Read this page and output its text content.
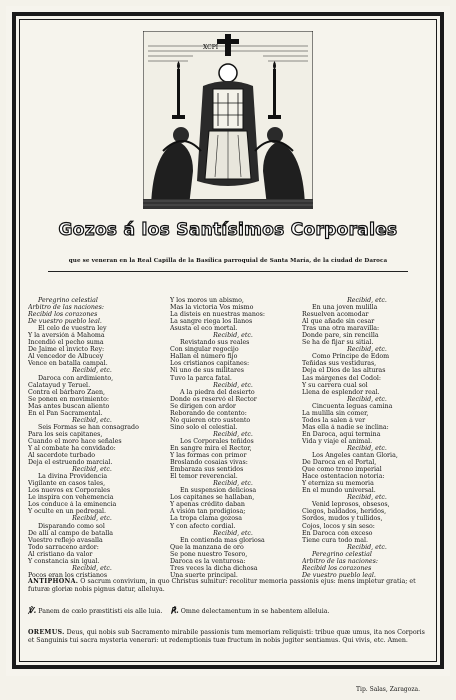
XCPI
Gozos á los Santísimos Corporales
que se veneran en la Real Capilla de la Basílica parroquial de Santa María, de la ciudad de Daroca
Peregrino celestial
Arbitro de las naciones:
Recibid los corazones
De vuestro pueblo leal.
El celo de vuestra ley
Y la aversión á Mahoma
Incendió el pecho suma
De Jaime el invicto Rey:
Al vencedor de Albucey
Vence en batalla campal.
Recibid, etc.
Daroca con ardimiento,
Calatayud y Teruel.
Contra el bárbaro Zaen,
Se ponen en movimiento:
Mas antes buscan aliento
En el Pan Sacramental.
Recibid, etc.
Seis Formas se han consagrado
Para los seis capitanes,
Cuando el moro hace señales
Y al combate ha convidado:
Al sacerdote turbado
Deja el estruendo marcial.
Recibid, etc.
La divina Providencia
Vigilante en casos tales,
Los nuevos ex Corporales
Le inspira con vehemencia
Los conduce á la eminencia
Y oculte en un pedregal.
Recibid, etc.
Disparando como sol
De allí al campo de batalla
Vuestro reflejo avasalla
Todo sarraceno ardor:
Al cristiano da valor
Y constancia sin igual.
Recibid, etc.
Pocos eran los cristianos
Y los moros un abismo,
Mas la victoria Vos mismo
La disteis en nuestras manos:
La sangre riega los llanos
Asusta el eco mortal.
Recibid, etc.
Revistando sus reales
Con singular regocijo
Hallan el número fijo
Los cristianos capitanes:
Ni uno de sus militares
Tuvo la parca fatal.
Recibid, etc.
A la piedra del desierto
Donde os reservó el Rector
Se dirigen con ardor
Reborando de contento:
No quieren otro sustento
Sino solo el celestial.
Recibid, etc.
Los Corporales teñidos
En sangre mira el Rector,
Y las formas con primor
Broslando cosaias vivas:
Embaraza sus sentidos
El temor reverencial.
Recibid, etc.
En suspension deliciosa
Los capitanes se hallaban,
Y apenas crédito daban
A visión tan prodigiosa;
La tropa clama gozosa
Y con afecto cordial.
Recibid, etc.
En contienda mas gloriosa
Que la manzana de oro
Se pone nuestro Tesoro,
Daroca es la venturosa:
Tres veces la dicha dichosa
Una suerte principal.
Recibid, etc.
En una joven mulilla
Resuelven acomodar
Al que añade sin cesar
Tras una otra maravilla:
Donde pare, sin rencilla
Se ha de fijar su sitial.
Recibid, etc.
Como Príncipe de Edom
Teñidas sus vestiduras,
Deja el Dios de las alturas
Las márgenes del Codol:
Y su carrera cual sol
Llena de esplendor real.
Recibid, etc.
Cincuenta leguas camina
La mulilla sin comer,
Todos la salen á ver
Mas ella á nadie se inclina:
En Daroca, aquí termina
Vida y viaje el animal.
Recibid, etc.
Los Angeles cantan Gloria,
De Daroca en el Portal,
Que como trono imperial
Hace ostentacion notoria:
Y eterniza su memoria
En el mundo universal.
Recibid, etc.
Venid leprosos, obsesos,
Ciegos, baldados, heridos,
Sordos, mudos y tullidos,
Cojos, locos y sin seso:
En Daroca con exceso
Tiene cura todo mal.
Recibid, etc.
Peregrino celestial
Arbitro de las naciones:
Recibid los corazones
De vuestro pueblo leal.
ANTIPHONA. O sacrum convivium, in quo Christus sumitur: recolitur memoria passionis ejus: mens impletur gratia; et futuræ gloriæ nobis pignus datur, alleluya.
℣. Panem de cœlo præstitisti eis alle luia. ℟. Omne delectamentum in se habentem alleluia.
OREMUS. Deus, qui nobis sub Sacramento mirabile passionis tum memoriam reliquisti: tribue quæ umus, ita nos Corporis et Sanguinis tui sacra mysteria venerari: ut redemptionis tuæ fructum in nobis jugiter sentiamus. Qui vivis, etc. Amen.
Tip. Salas, Zaragoza.
